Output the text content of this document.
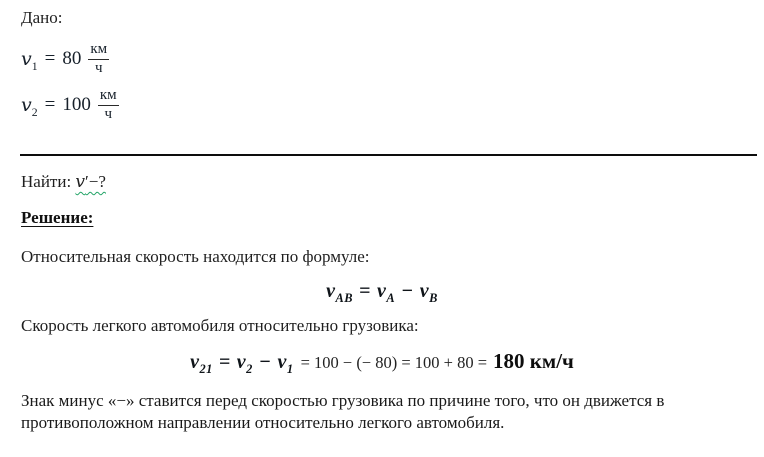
Дано:
$v_1 = 80 \frac{км}{ч}$
$v_2 = 100 \frac{км}{ч}$
Найти: v′−?
Решение:
Относительная скорость находится по формуле:
$v_{AB} = v_A - v_B$
Скорость легкого автомобиля относительно грузовика:
$v_{21} = v_2 - v_1 = 100$ − (− 80) = 100 + 80 = 180 км/ч
Знак минус «−» ставится перед скоростью грузовика по причине того, что он движется в противоположном направлении относительно легкого автомобиля.
